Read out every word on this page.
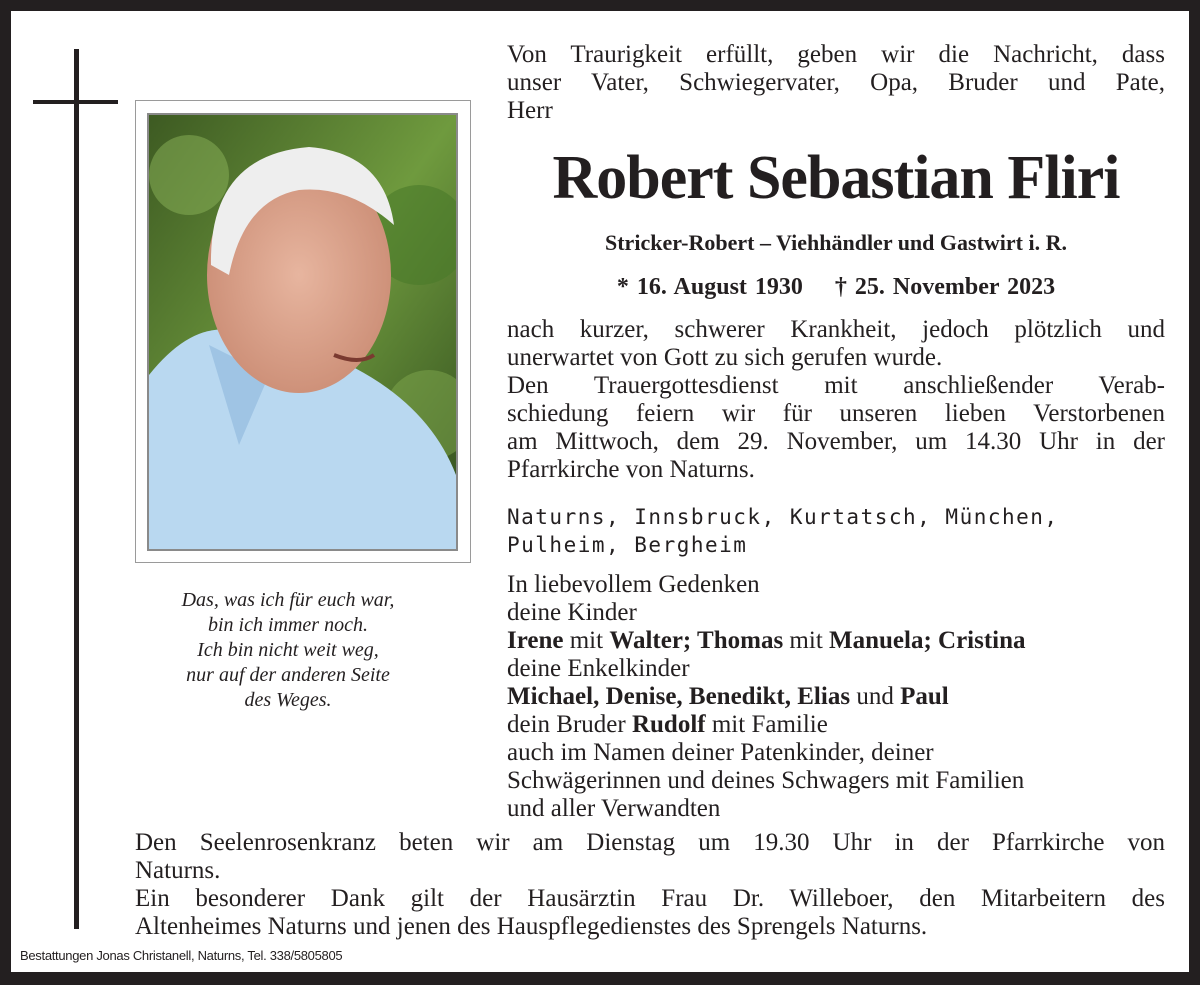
Von Traurigkeit erfüllt, geben wir die Nachricht, dass
unser Vater, Schwiegervater, Opa, Bruder und Pate,
Herr
Robert Sebastian Fliri
Stricker-Robert – Viehhändler und Gastwirt i. R.
* 16. August 1930 † 25. November 2023
nach kurzer, schwerer Krankheit, jedoch plötzlich und
unerwartet von Gott zu sich gerufen wurde.
Den Trauergottesdienst mit anschließender Verab-
schiedung feiern wir für unseren lieben Verstorbenen
am Mittwoch, dem 29. November, um 14.30 Uhr in der
Pfarrkirche von Naturns.
Naturns, Innsbruck, Kurtatsch, München,
Pulheim, Bergheim
In liebevollem Gedenken
deine Kinder
Irene mit Walter; Thomas mit Manuela; Cristina
deine Enkelkinder
Michael, Denise, Benedikt, Elias und Paul
dein Bruder Rudolf mit Familie
auch im Namen deiner Patenkinder, deiner
Schwägerinnen und deines Schwagers mit Familien
und aller Verwandten
Das, was ich für euch war,
bin ich immer noch.
Ich bin nicht weit weg,
nur auf der anderen Seite
des Weges.
Den Seelenrosenkranz beten wir am Dienstag um 19.30 Uhr in der Pfarrkirche von
Naturns.
Ein besonderer Dank gilt der Hausärztin Frau Dr. Willeboer, den Mitarbeitern des
Altenheimes Naturns und jenen des Hauspflegedienstes des Sprengels Naturns.
Bestattungen Jonas Christanell, Naturns, Tel. 338/5805805
